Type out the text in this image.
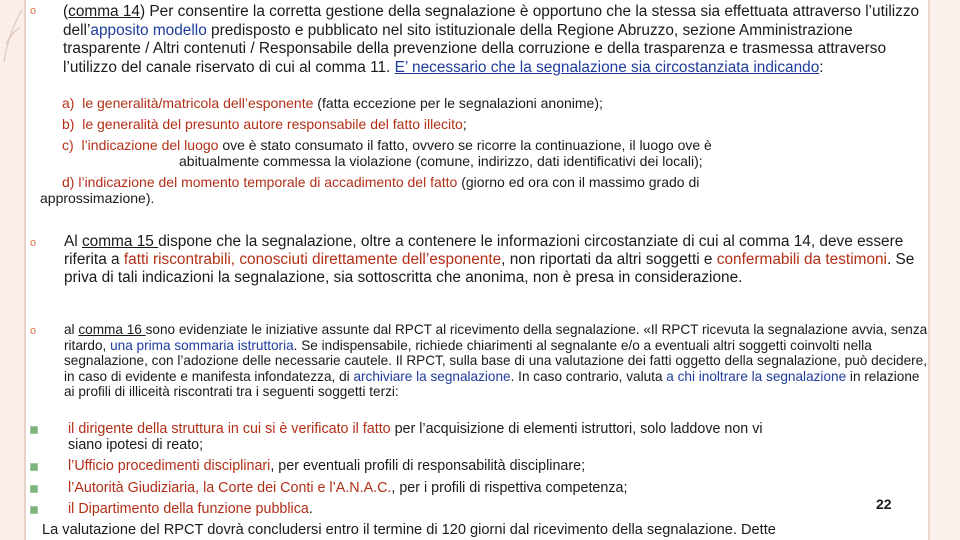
o (comma 14) Per consentire la corretta gestione della segnalazione è opportuno che la stessa sia effettuata attraverso l’utilizzo dell’apposito modello predisposto e pubblicato nel sito istituzionale della Regione Abruzzo, sezione Amministrazione trasparente / Altri contenuti / Responsabile della prevenzione della corruzione e della trasparenza e trasmessa attraverso l’utilizzo del canale riservato di cui al comma 11. E’ necessario che la segnalazione sia circostanziata indicando:

a) le generalità/matricola dell’esponente (fatta eccezione per le segnalazioni anonime);
b) le generalità del presunto autore responsabile del fatto illecito;
c) l’indicazione del luogo ove è stato consumato il fatto, ovvero se ricorre la continuazione, il luogo ove è
abitualmente commessa la violazione (comune, indirizzo, dati identificativi dei locali);
d) l’indicazione del momento temporale di accadimento del fatto (giorno ed ora con il massimo grado di
approssimazione).
o Al comma 15 dispone che la segnalazione, oltre a contenere le informazioni circostanziate di cui al comma 14, deve essere riferita a fatti riscontrabili, conosciuti direttamente dell’esponente, non riportati da altri soggetti e confermabili da testimoni. Se priva di tali indicazioni la segnalazione, sia sottoscritta che anonima, non è presa in considerazione.

o al comma 16 sono evidenziate le iniziative assunte dal RPCT al ricevimento della segnalazione. «Il RPCT ricevuta la segnalazione avvia, senza ritardo, una prima sommaria istruttoria. Se indispensabile, richiede chiarimenti al segnalante e/o a eventuali altri soggetti coinvolti nella segnalazione, con l’adozione delle necessarie cautele. Il RPCT, sulla base di una valutazione dei fatti oggetto della segnalazione, può decidere, in caso di evidente e manifesta infondatezza, di archiviare la segnalazione. In caso contrario, valuta a chi inoltrare la segnalazione in relazione ai profili di illiceità riscontrati tra i seguenti soggetti terzi:

il dirigente della struttura in cui si è verificato il fatto per l’acquisizione di elementi istruttori, solo laddove non vi
siano ipotesi di reato;
l’Ufficio procedimenti disciplinari, per eventuali profili di responsabilità disciplinare;
l’Autorità Giudiziaria, la Corte dei Conti e l’A.N.A.C., per i profili di rispettiva competenza;
il Dipartimento della funzione pubblica.	22
La valutazione del RPCT dovrà concludersi entro il termine di 120 giorni dal ricevimento della segnalazione. Dette
